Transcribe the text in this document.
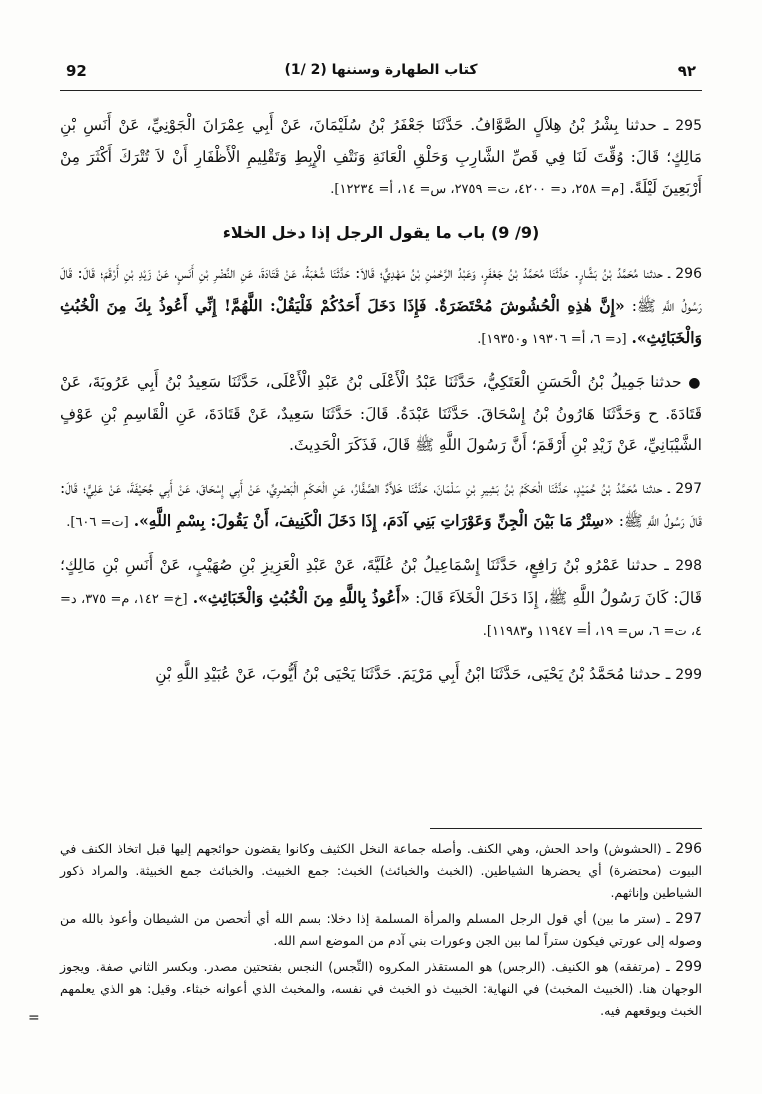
92	(1/ 2) كتاب الطهارة وسننها	٩٢

295 ـ حدثنا بِشْرُ بْنُ هِلاَلٍ الصَّوَّافُ. حَدَّثَنَا جَعْفَرُ بْنُ سُلَيْمَانَ، عَنْ أَبِي عِمْرَانَ الْجَوْنِيِّ، عَنْ أَنَسِ بْنِ مَالِكٍ؛ قَالَ: وُقِّتَ لَنَا فِي قَصِّ الشَّارِبِ وَحَلْقِ الْعَانَةِ وَنَتْفِ الْإِبِطِ وَتَقْلِيمِ الْأَظْفَارِ أَنْ لاَ تُتْرَكَ أَكْثَرَ مِنْ أَرْبَعِينَ لَيْلَةً. [م= ٢٥٨، د= ٤٢٠٠، ت= ٢٧٥٩، س= ١٤، أ= ١٢٢٣٤].

(9/ 9) باب ما يقول الرجل إذا دخل الخلاء

296 ـ حدثنا مُحَمَّدُ بْنُ بَشَّارٍ. حَدَّثَنَا مُحَمَّدُ بْنُ جَعْفَرٍ، وَعَبْدُ الرَّحْمٰنِ بْنُ مَهْدِيٍّ؛ قَالاَ: حَدَّثَنَا شُعْبَةُ، عَنْ قَتَادَةَ، عَنِ النَّضْرِ بْنِ أَنَسٍ، عَنْ زَيْدِ بْنِ أَرْقَمَ؛ قَالَ: قَالَ رَسُولُ اللَّهِ ﷺ: «إِنَّ هٰذِهِ الْحُشُوشَ مُحْتَضَرَةٌ. فَإِذَا دَخَلَ أَحَدُكُمْ فَلْيَقُلْ: اللَّهُمَّ! إِنِّي أَعُوذُ بِكَ مِنَ الْخُبُثِ وَالْخَبَائِثِ». [د= ٦، أ= ١٩٣٠٦ و١٩٣٥٠].

● حدثنا جَمِيلُ بْنُ الْحَسَنِ الْعَتَكِيُّ، حَدَّثَنَا عَبْدُ الْأَعْلَى بْنُ عَبْدِ الْأَعْلَى، حَدَّثَنَا سَعِيدُ بْنُ أَبِي عَرُوبَةَ، عَنْ قَتَادَةَ. ح وَحَدَّثَنَا هَارُونُ بْنُ إِسْحَاقَ. حَدَّثَنَا عَبْدَةُ. قَالَ: حَدَّثَنَا سَعِيدٌ، عَنْ قَتَادَةَ، عَنِ الْقَاسِمِ بْنِ عَوْفٍ الشَّيْبَانِيِّ، عَنْ زَيْدِ بْنِ أَرْقَمَ؛ أَنَّ رَسُولَ اللَّهِ ﷺ قَالَ، فَذَكَرَ الْحَدِيثَ.

297 ـ حدثنا مُحَمَّدُ بْنُ حُمَيْدٍ، حَدَّثَنَا الْحَكَمُ بْنُ بَشِيرِ بْنِ سَلْمَانَ، حَدَّثَنَا خَلاَّدٌ الصَّفَّارُ، عَنِ الْحَكَمِ الْبَصْرِيِّ، عَنْ أَبِي إِسْحَاقَ، عَنْ أَبِي جُحَيْفَةَ، عَنْ عَلِيٍّ؛ قَالَ: قَالَ رَسُولُ اللَّهِ ﷺ: «سِتْرُ مَا بَيْنَ الْجِنِّ وَعَوْرَاتِ بَنِي آدَمَ، إِذَا دَخَلَ الْكَنِيفَ، أَنْ يَقُولَ: بِسْمِ اللَّهِ». [ت= ٦٠٦].

298 ـ حدثنا عَمْرُو بْنُ رَافِعٍ، حَدَّثَنَا إِسْمَاعِيلُ بْنُ عُلَيَّةَ، عَنْ عَبْدِ الْعَزِيزِ بْنِ صُهَيْبٍ، عَنْ أَنَسِ بْنِ مَالِكٍ؛ قَالَ: كَانَ رَسُولُ اللَّهِ ﷺ، إِذَا دَخَلَ الْخَلاَءَ قَالَ: «أَعُوذُ بِاللَّهِ مِنَ الْخُبُثِ وَالْخَبَائِثِ». [خ= ١٤٢، م= ٣٧٥، د= ٤، ت= ٦، س= ١٩، أ= ١١٩٤٧ و١١٩٨٣].

299 ـ حدثنا مُحَمَّدُ بْنُ يَحْيَى، حَدَّثَنَا ابْنُ أَبِي مَرْيَمَ. حَدَّثَنَا يَحْيَى بْنُ أَيُّوبَ، عَنْ عُبَيْدِ اللَّهِ بْنِ

296 ـ (الحشوش) واحد الحش، وهي الكنف. وأصله جماعة النخل الكثيف وكانوا يقضون حوائجهم إليها قبل اتخاذ الكنف في البيوت (محتضرة) أي يحضرها الشياطين. (الخبث والخبائث) الخبث: جمع الخبيث. والخبائث جمع الخبيثة. والمراد ذكور الشياطين وإناثهم.

297 ـ (ستر ما بين) أي قول الرجل المسلم والمرأة المسلمة إذا دخلا: بسم الله أي أتحصن من الشيطان وأعوذ بالله من وصوله إلى عورتي فيكون ستراً لما بين الجن وعورات بني آدم من الموضع اسم الله.

299 ـ (مرتفقه) هو الكنيف. (الرجس) هو المستقذر المكروه (النِّجس) النجس بفتحتين مصدر. وبكسر الثاني صفة. ويجوز الوجهان هنا. (الخبيث المخبث) في النهاية: الخبيث ذو الخبث في نفسه، والمخبث الذي أعوانه خبثاء. وقيل: هو الذي يعلمهم الخبث ويوقعهم فيه.

=
